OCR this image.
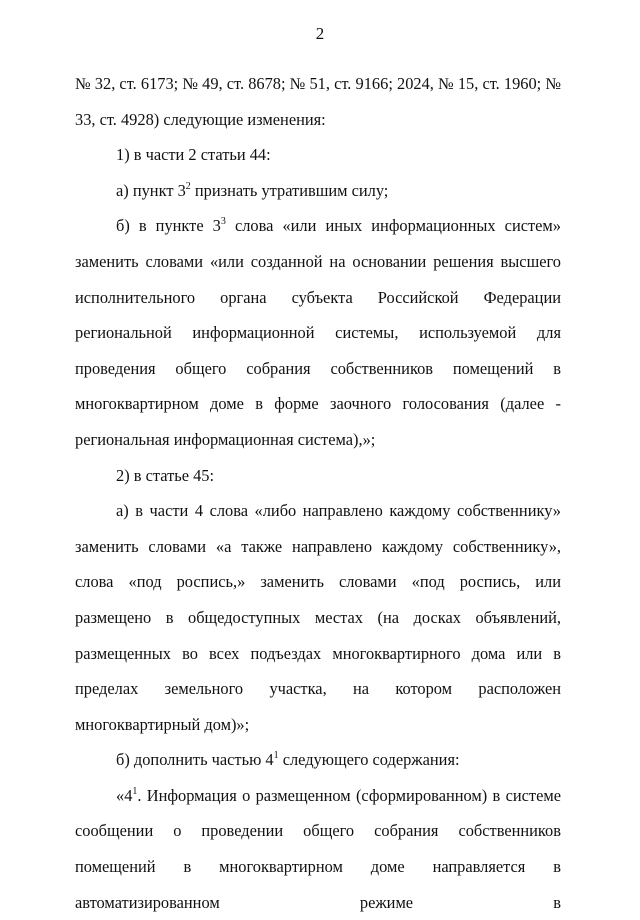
2

№ 32, ст. 6173; № 49, ст. 8678; № 51, ст. 9166; 2024, № 15, ст. 1960; № 33, ст. 4928) следующие изменения:

1) в части 2 статьи 44:

а) пункт $3^2$ признать утратившим силу;

б) в пункте $3^3$ слова «или иных информационных систем» заменить словами «или созданной на основании решения высшего исполнительного органа субъекта Российской Федерации региональной информационной системы, используемой для проведения общего собрания собственников помещений в многоквартирном доме в форме заочного голосования (далее - региональная информационная система),»;

2) в статье 45:

а) в части 4 слова «либо направлено каждому собственнику» заменить словами «а также направлено каждому собственнику», слова «под роспись,» заменить словами «под роспись, или размещено в общедоступных местах (на досках объявлений, размещенных во всех подъездах многоквартирного дома или в пределах земельного участка, на котором расположен многоквартирный дом)»;

б) дополнить частью $4^1$ следующего содержания:

«$4^1$. Информация о размещенном (сформированном) в системе сообщении о проведении общего собрания собственников помещений в многоквартирном доме направляется в автоматизированном режиме в
